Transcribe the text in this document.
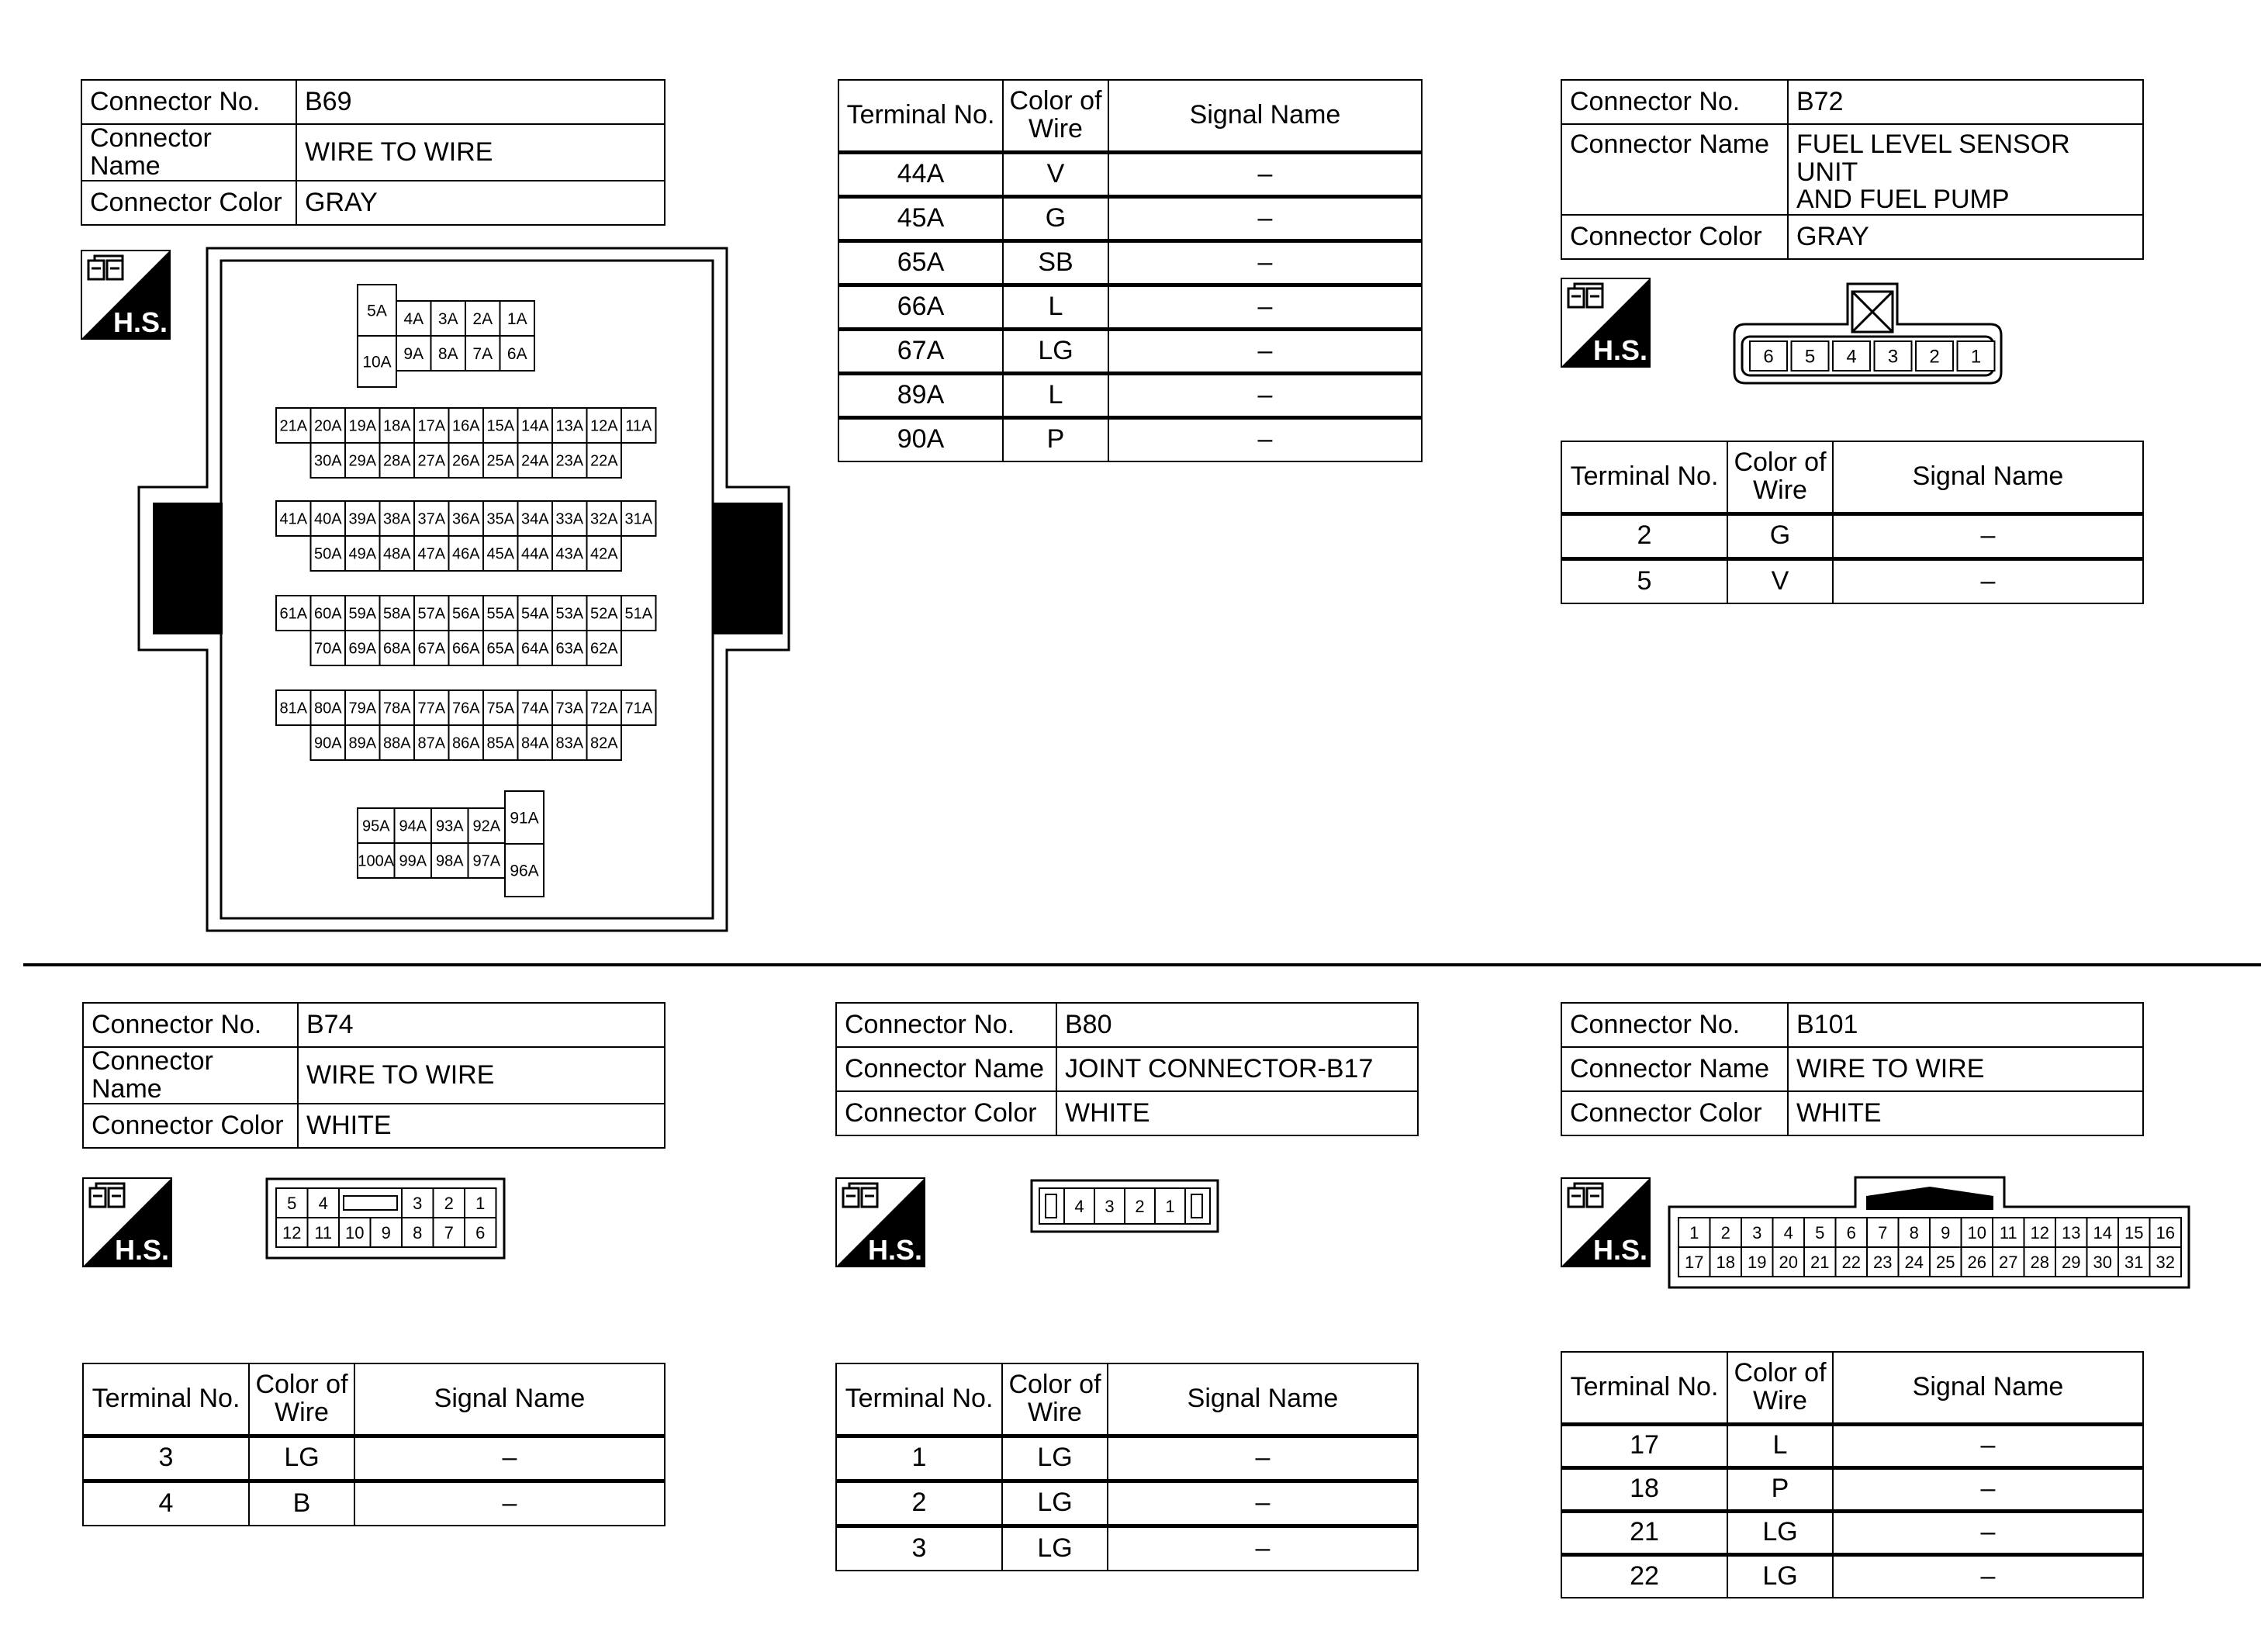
Connector No.	B69
Connector Name	WIRE TO WIRE
Connector Color	GRAY
H.S.	5A
10A
4A 3A 2A 1A
9A 8A 7A 6A
21A 20A 19A 18A 17A 16A 15A 14A 13A 12A 11A
30A 29A 28A 27A 26A 25A 24A 23A 22A
41A 40A 39A 38A 37A 36A 35A 34A 33A 32A 31A
50A 49A 48A 47A 46A 45A 44A 43A 42A
61A 60A 59A 58A 57A 56A 55A 54A 53A 52A 51A
70A 69A 68A 67A 66A 65A 64A 63A 62A
81A 80A 79A 78A 77A 76A 75A 74A 73A 72A 71A
90A 89A 88A 87A 86A 85A 84A 83A 82A
95A 94A 93A 92A
100A 99A 98A 97A
91A
96A
Terminal No.	Color of Wire	Signal Name
44A	V	–
45A	G	–
65A	SB	–
66A	L	–
67A	LG	–
89A	L	–
90A	P	–
Connector No.	B72
Connector Name	FUEL LEVEL SENSOR UNIT
AND FUEL PUMP

Connector Color	GRAY
H.S.	6 5 4 3 2 1
Terminal No.	Color of Wire	Signal Name
2	G	–
5	V	–
Connector No.	B74
Connector Name	WIRE TO WIRE
Connector Color	WHITE
H.S.
5 4	3 2 1
12 11 10 9 8 7 6
Terminal No.	Color of Wire	Signal Name
3	LG	–
4	B	–
Connector No.	B80
Connector Name	JOINT CONNECTOR-B17
Connector Color	WHITE
H.S.
4 3 2 1
Terminal No.	Color of Wire	Signal Name
1	LG	–
2	LG	–
3	LG	–
Connector No.	B101
Connector Name	WIRE TO WIRE
Connector Color	WHITE
H.S.
1 2 3 4 5 6 7 8 9 10 11 12 13 14 15 16
17 18 19 20 21 22 23 24 25 26 27 28 29 30 31 32
Terminal No.	Color of Wire	Signal Name
17	L	–
18	P	–
21	LG	–
22	LG	–
